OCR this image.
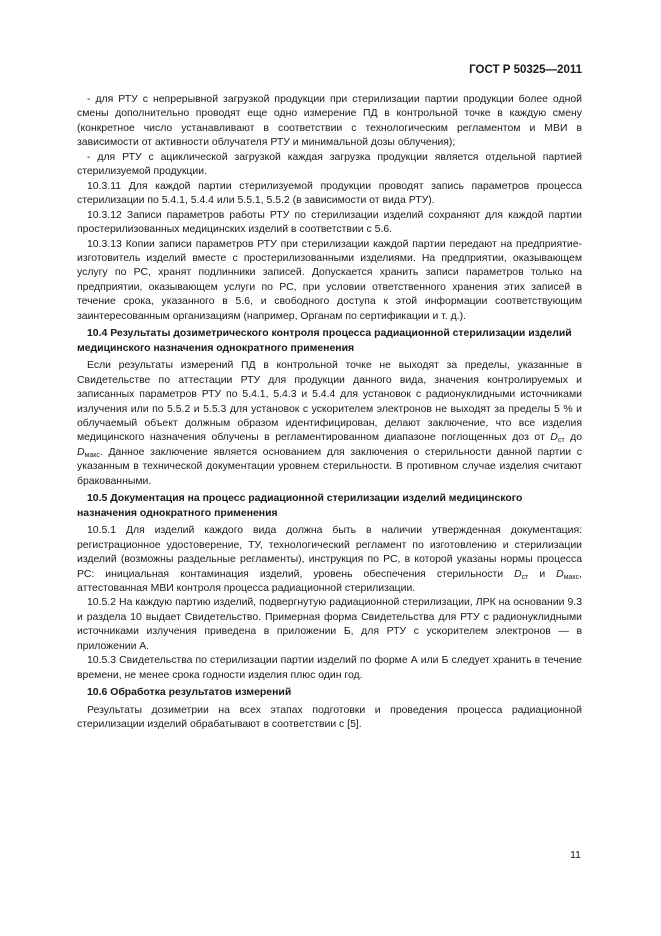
ГОСТ Р 50325—2011

- для РТУ с непрерывной загрузкой продукции при стерилизации партии продукции более одной смены дополнительно проводят еще одно измерение ПД в контрольной точке в каждую смену (конкретное число устанавливают в соответствии с технологическим регламентом и МВИ в зависимости от активности облучателя РТУ и минимальной дозы облучения);

- для РТУ с ациклической загрузкой каждая загрузка продукции является отдельной партией стерилизуемой продукции.

10.3.11 Для каждой партии стерилизуемой продукции проводят запись параметров процесса стерилизации по 5.4.1, 5.4.4 или 5.5.1, 5.5.2 (в зависимости от вида РТУ).

10.3.12 Записи параметров работы РТУ по стерилизации изделий сохраняют для каждой партии простерилизованных медицинских изделий в соответствии с 5.6.

10.3.13 Копии записи параметров РТУ при стерилизации каждой партии передают на предприятие-изготовитель изделий вместе с простерилизованными изделиями. На предприятии, оказывающем услугу по РС, хранят подлинники записей. Допускается хранить записи параметров только на предприятии, оказывающем услуги по РС, при условии ответственного хранения этих записей в течение срока, указанного в 5.6, и свободного доступа к этой информации соответствующим заинтересованным организациям (например, Органам по сертификации и т. д.).

10.4 Результаты дозиметрического контроля процесса радиационной стерилизации изделий медицинского назначения однократного применения

Если результаты измерений ПД в контрольной точке не выходят за пределы, указанные в Свидетельстве по аттестации РТУ для продукции данного вида, значения контролируемых и записанных параметров РТУ по 5.4.1, 5.4.3 и 5.4.4 для установок с радионуклидными источниками излучения или по 5.5.2 и 5.5.3 для установок с ускорителем электронов не выходят за пределы 5 % и облучаемый объект должным образом идентифицирован, делают заключение, что все изделия медицинского назначения облучены в регламентированном диапазоне поглощенных доз от $D_{ст}$ до $D_{макс}$. Данное заключение является основанием для заключения о стерильности данной партии с указанным в технической документации уровнем стерильности. В противном случае изделия считают бракованными.

10.5 Документация на процесс радиационной стерилизации изделий медицинского назначения однократного применения

10.5.1 Для изделий каждого вида должна быть в наличии утвержденная документация: регистрационное удостоверение, ТУ, технологический регламент по изготовлению и стерилизации изделий (возможны раздельные регламенты), инструкция по РС, в которой указаны нормы процесса РС: инициальная контаминация изделий, уровень обеспечения стерильности $D_{ст}$ и $D_{макс}$, аттестованная МВИ контроля процесса радиационной стерилизации.

10.5.2 На каждую партию изделий, подвергнутую радиационной стерилизации, ЛРК на основании 9.3 и раздела 10 выдает Свидетельство. Примерная форма Свидетельства для РТУ с радионуклидными источниками излучения приведена в приложении Б, для РТУ с ускорителем электронов — в приложении А.

10.5.3 Свидетельства по стерилизации партии изделий по форме А или Б следует хранить в течение времени, не менее срока годности изделия плюс один год.

10.6 Обработка результатов измерений

Результаты дозиметрии на всех этапах подготовки и проведения процесса радиационной стерилизации изделий обрабатывают в соответствии с [5].

11
